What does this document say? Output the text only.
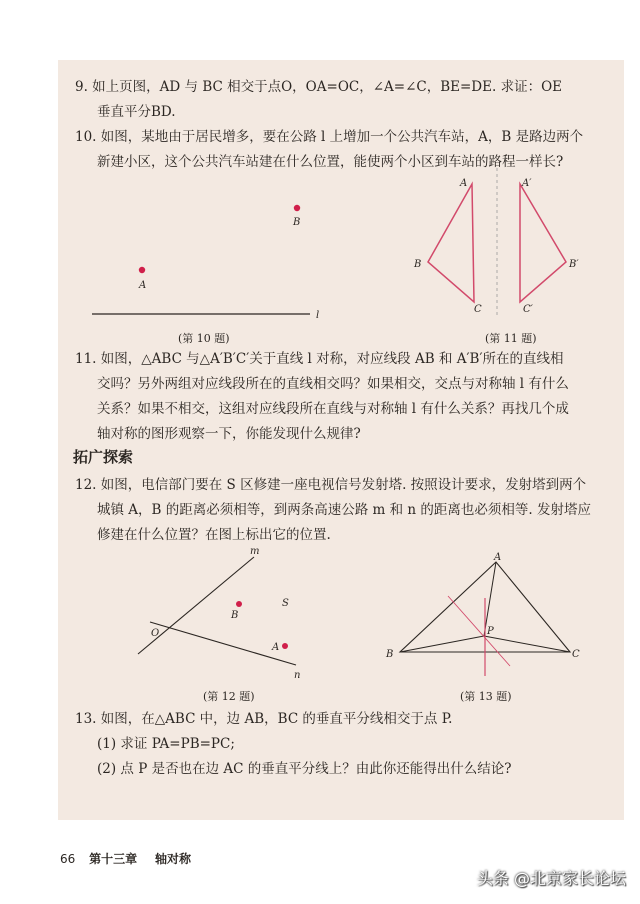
9. 如上页图，AD 与 BC 相交于点O，OA=OC，∠A=∠C，BE=DE. 求证：OE
垂直平分BD.
10. 如图，某地由于居民增多，要在公路 l 上增加一个公共汽车站，A，B 是路边两个
新建小区，这个公共汽车站建在什么位置，能使两个小区到车站的路程一样长?
B
A
l
(第 10 题)
A
B
C
A′
B′
C′
(第 11 题)
11. 如图，△ABC 与△A′B′C′关于直线 l 对称，对应线段 AB 和 A′B′所在的直线相
交吗？另外两组对应线段所在的直线相交吗？如果相交，交点与对称轴 l 有什么
关系？如果不相交，这组对应线段所在直线与对称轴 l 有什么关系？再找几个成
轴对称的图形观察一下，你能发现什么规律?
拓广探索
12. 如图，电信部门要在 S 区修建一座电视信号发射塔. 按照设计要求，发射塔到两个
城镇 A，B 的距离必须相等，到两条高速公路 m 和 n 的距离也必须相等. 发射塔应
修建在什么位置？在图上标出它的位置.
m
n
O
B
A
S
(第 12 题)
A
B	C
P
(第 13 题)
13. 如图，在△ABC 中，边 AB，BC 的垂直平分线相交于点 P.
(1) 求证 PA=PB=PC;
(2) 点 P 是否也在边 AC 的垂直平分线上？由此你还能得出什么结论?
66 第十三章 轴对称
头条 @北京家长论坛
